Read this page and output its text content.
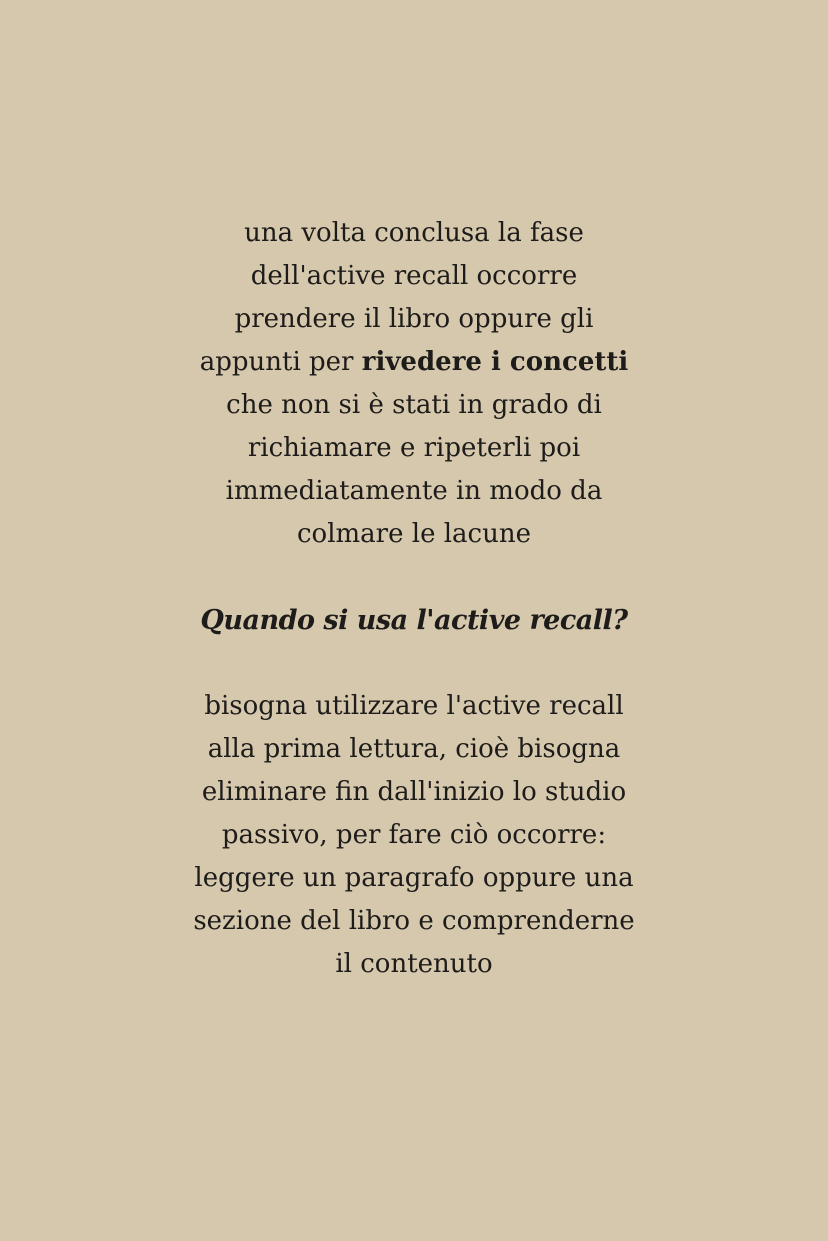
una volta conclusa la fase
dell'active recall occorre
prendere il libro oppure gli
appunti per rivedere i concetti
che non si è stati in grado di
richiamare e ripeterli poi
immediatamente in modo da
colmare le lacune
Quando si usa l'active recall?
bisogna utilizzare l'active recall
alla prima lettura, cioè bisogna
eliminare fin dall'inizio lo studio
passivo, per fare ciò occorre:
leggere un paragrafo oppure una
sezione del libro e comprenderne
il contenuto
